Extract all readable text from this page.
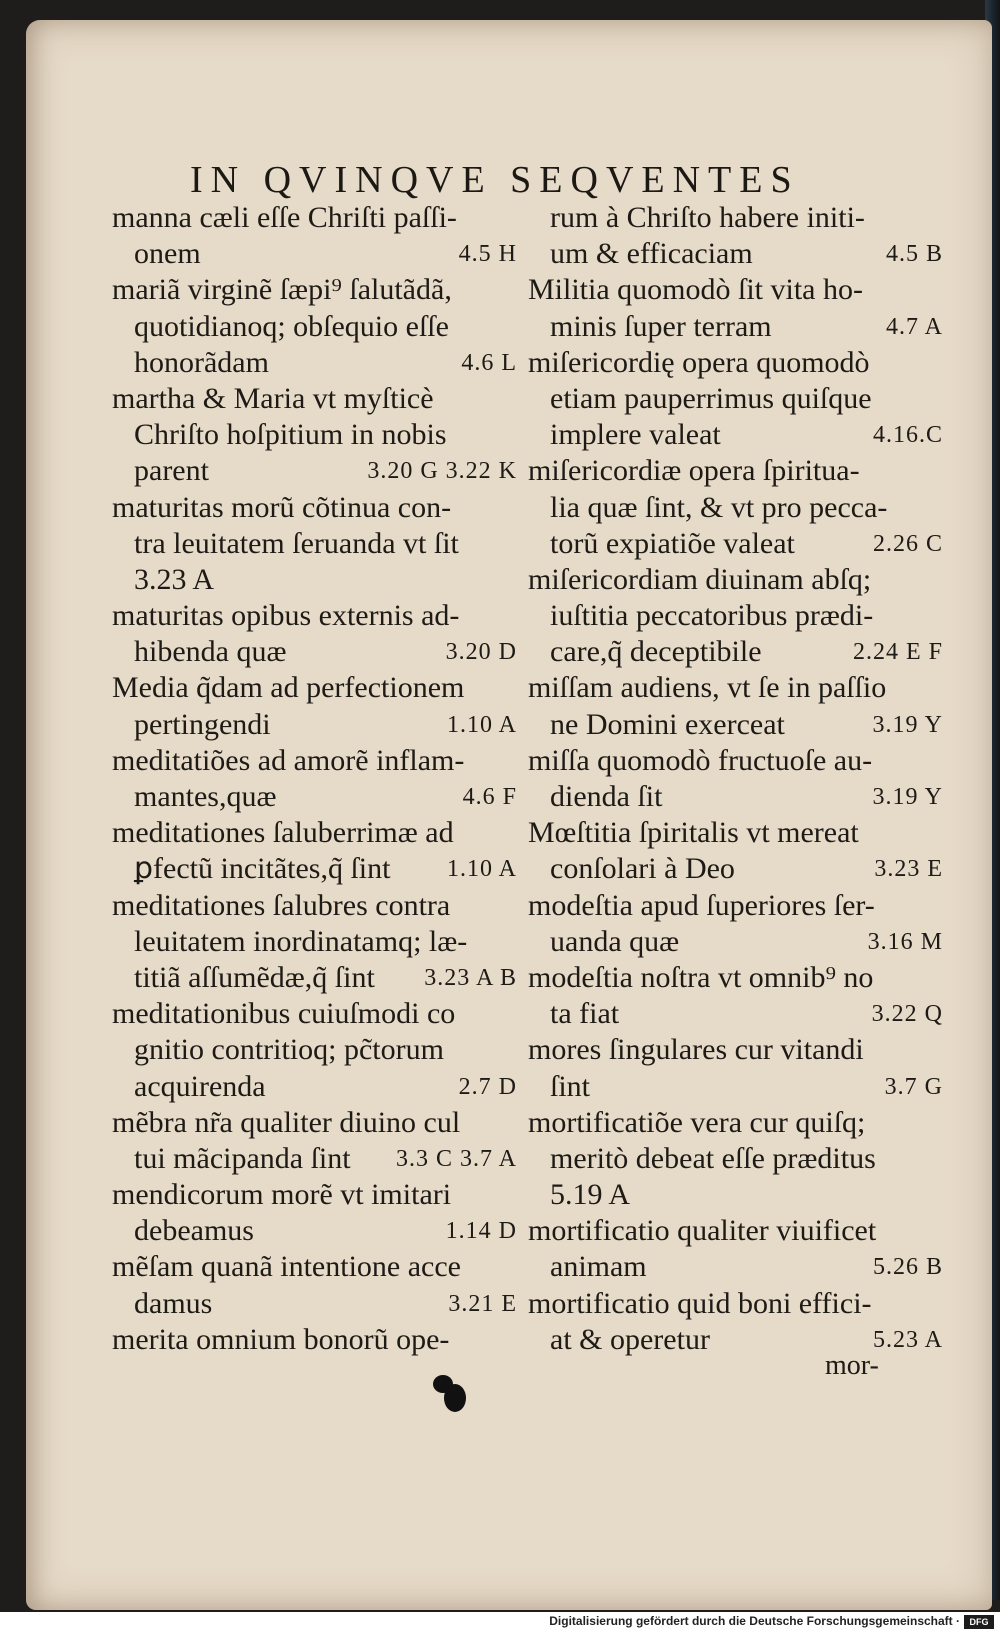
IN QVINQVE SEQVENTES
manna cæli eſſe Chriſti paſſi-
onem	4.5 H
mariã virginẽ ſæpi⁹ ſalutãdã,
quotidianoq; obſequio eſſe
honorãdam	4.6 L
martha & Maria vt myſticè
Chriſto hoſpitium in nobis
parent	3.20 G 3.22 K
maturitas morũ cõtinua con-
tra leuitatem ſeruanda vt ſit
3.23 A
maturitas opibus externis ad-
hibenda quæ	3.20 D
Media q̃dam ad perfectionem
pertingendi	1.10 A
meditatiões ad amorẽ inflam-
mantes,quæ	4.6 F
meditationes ſaluberrimæ ad
ꝑfectũ incitãtes,q̃ ſint 1.10 A
meditationes ſalubres contra
leuitatem inordinatamq; læ-
titiã aſſumẽdæ,q̃ ſint 3.23 A B
meditationibus cuiuſmodi co
gnitio contritioq; pc̃torum
acquirenda	2.7 D
mẽbra nr̃a qualiter diuino cul
tui mãcipanda ſint 3.3 C 3.7 A
mendicorum morẽ vt imitari
debeamus	1.14 D
mẽſam quanã intentione acce
damus	3.21 E
merita omnium bonorũ ope-
rum à Chriſto habere initi-
um & efficaciam	4.5 B
Militia quomodò ſit vita ho-
minis ſuper terram	4.7 A
miſericordię opera quomodò
etiam pauperrimus quiſque
implere valeat	4.16.C
miſericordiæ opera ſpiritua-
lia quæ ſint, & vt pro pecca-
torũ expiatiõe valeat	2.26 C
miſericordiam diuinam abſq;
iuſtitia peccatoribus prædi-
care,q̃ deceptibile	2.24 E F
miſſam audiens, vt ſe in paſſio
ne Domini exerceat	3.19 Y
miſſa quomodò fructuoſe au-
dienda ſit	3.19 Y
Mœſtitia ſpiritalis vt mereat
conſolari à Deo	3.23 E
modeſtia apud ſuperiores ſer-
uanda quæ	3.16 M
modeſtia noſtra vt omnib⁹ no
ta fiat	3.22 Q
mores ſingulares cur vitandi
ſint	3.7 G
mortificatiõe vera cur quiſq;
meritò debeat eſſe præditus
5.19 A
mortificatio qualiter viuificet
animam	5.26 B
mortificatio quid boni effici-
at & operetur	5.23 A
mor-
Digitalisierung gefördert durch die Deutsche Forschungsgemeinschaft ·	DFG
